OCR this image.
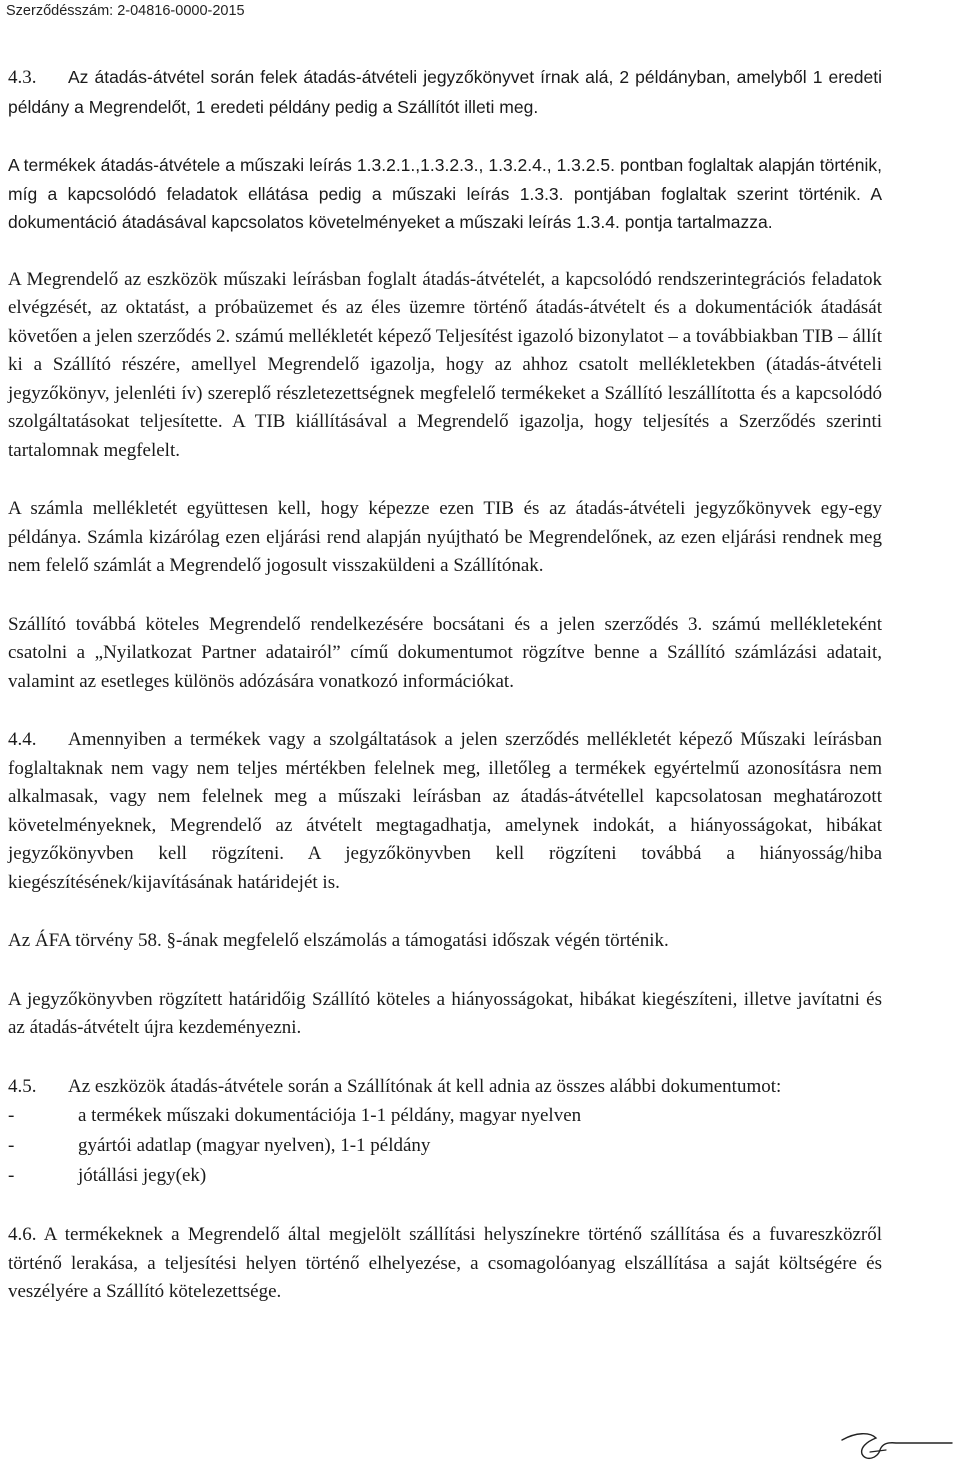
Szerződésszám: 2-04816-0000-2015

4.3. Az átadás-átvétel során felek átadás-átvételi jegyzőkönyvet írnak alá, 2 példányban, amelyből 1 eredeti példány a Megrendelőt, 1 eredeti példány pedig a Szállítót illeti meg.

A termékek átadás-átvétele a műszaki leírás 1.3.2.1.,1.3.2.3., 1.3.2.4., 1.3.2.5. pontban foglaltak alapján történik, míg a kapcsolódó feladatok ellátása pedig a műszaki leírás 1.3.3. pontjában foglaltak szerint történik. A dokumentáció átadásával kapcsolatos követelményeket a műszaki leírás 1.3.4. pontja tartalmazza.

A Megrendelő az eszközök műszaki leírásban foglalt átadás-átvételét, a kapcsolódó rendszerintegrációs feladatok elvégzését, az oktatást, a próbaüzemet és az éles üzemre történő átadás-átvételt és a dokumentációk átadását követően a jelen szerződés 2. számú mellékletét képező Teljesítést igazoló bizonylatot – a továbbiakban TIB – állít ki a Szállító részére, amellyel Megrendelő igazolja, hogy az ahhoz csatolt mellékletekben (átadás-átvételi jegyzőkönyv, jelenléti ív) szereplő részletezettségnek megfelelő termékeket a Szállító leszállította és a kapcsolódó szolgáltatásokat teljesítette. A TIB kiállításával a Megrendelő igazolja, hogy teljesítés a Szerződés szerinti tartalomnak megfelelt.

A számla mellékletét együttesen kell, hogy képezze ezen TIB és az átadás-átvételi jegyzőkönyvek egy-egy példánya. Számla kizárólag ezen eljárási rend alapján nyújtható be Megrendelőnek, az ezen eljárási rendnek meg nem felelő számlát a Megrendelő jogosult visszaküldeni a Szállítónak.

Szállító továbbá köteles Megrendelő rendelkezésére bocsátani és a jelen szerződés 3. számú mellékleteként csatolni a „Nyilatkozat Partner adatairól” című dokumentumot rögzítve benne a Szállító számlázási adatait, valamint az esetleges különös adózására vonatkozó információkat.

4.4. Amennyiben a termékek vagy a szolgáltatások a jelen szerződés mellékletét képező Műszaki leírásban foglaltaknak nem vagy nem teljes mértékben felelnek meg, illetőleg a termékek egyértelmű azonosításra nem alkalmasak, vagy nem felelnek meg a műszaki leírásban az átadás-átvétellel kapcsolatosan meghatározott követelményeknek, Megrendelő az átvételt megtagadhatja, amelynek indokát, a hiányosságokat, hibákat jegyzőkönyvben kell rögzíteni. A jegyzőkönyvben kell rögzíteni továbbá a hiányosság/hiba kiegészítésének/kijavításának határidejét is.

Az ÁFA törvény 58. §-ának megfelelő elszámolás a támogatási időszak végén történik.

A jegyzőkönyvben rögzített határidőig Szállító köteles a hiányosságokat, hibákat kiegészíteni, illetve javítatni és az átadás-átvételt újra kezdeményezni.

4.5. Az eszközök átadás-átvétele során a Szállítónak át kell adnia az összes alábbi dokumentumot:

-	a termékek műszaki dokumentációja 1-1 példány, magyar nyelven
-	gyártói adatlap (magyar nyelven), 1-1 példány
-	jótállási jegy(ek)

4.6. A termékeknek a Megrendelő által megjelölt szállítási helyszínekre történő szállítása és a fuvareszközről történő lerakása, a teljesítési helyen történő elhelyezése, a csomagolóanyag elszállítása a saját költségére és veszélyére a Szállító kötelezettsége.
